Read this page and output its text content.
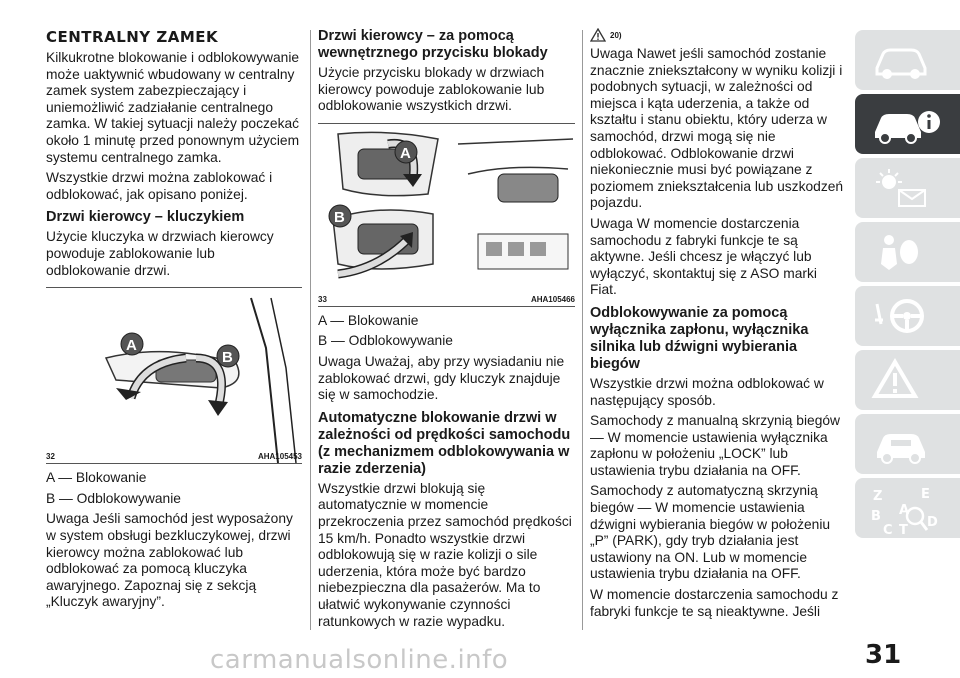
CENTRALNY ZAMEK

Kilkukrotne blokowanie i odblokowywanie może uaktywnić wbudowany w centralny zamek system zabezpieczający i uniemożliwić zadziałanie centralnego zamka. W takiej sytuacji należy poczekać około 1 minutę przed ponownym użyciem systemu centralnego zamka.

Wszystkie drzwi można zablokować i odblokować, jak opisano poniżej.

Drzwi kierowcy – kluczykiem

Użycie kluczyka w drzwiach kierowcy powoduje zablokowanie lub odblokowanie drzwi.

A
B
32	AHA105453

A — Blokowanie

B — Odblokowywanie

Uwaga Jeśli samochód jest wyposażony w system obsługi bezkluczykowej, drzwi kierowcy można zablokować lub odblokować za pomocą kluczyka awaryjnego. Zapoznaj się z sekcją „Kluczyk awaryjny”.

Drzwi kierowcy – za pomocą wewnętrznego przycisku blokady

Użycie przycisku blokady w drzwiach kierowcy powoduje zablokowanie lub odblokowanie wszystkich drzwi.

A
B
33	AHA105466

A — Blokowanie

B — Odblokowywanie

Uwaga Uważaj, aby przy wysiadaniu nie zablokować drzwi, gdy kluczyk znajduje się w samochodzie.

Automatyczne blokowanie drzwi w zależności od prędkości samochodu (z mechanizmem odblokowywania w razie zderzenia)

Wszystkie drzwi blokują się automatycznie w momencie przekroczenia przez samochód prędkości 15 km/h. Ponadto wszystkie drzwi odblokowują się w razie kolizji o sile uderzenia, która może być bardzo niebezpieczna dla pasażerów. Ma to ułatwić wykonywanie czynności ratunkowych w razie wypadku.

20)

Uwaga Nawet jeśli samochód zostanie znacznie zniekształcony w wyniku kolizji i podobnych sytuacji, w zależności od miejsca i kąta uderzenia, a także od kształtu i stanu obiektu, który uderza w samochód, drzwi mogą się nie odblokować. Odblokowanie drzwi niekoniecznie musi być powiązane z poziomem zniekształcenia lub uszkodzeń pojazdu.

Uwaga W momencie dostarczenia samochodu z fabryki funkcje te są aktywne. Jeśli chcesz je włączyć lub wyłączyć, skontaktuj się z ASO marki Fiat.

Odblokowywanie za pomocą wyłącznika zapłonu, wyłącznika silnika lub dźwigni wybierania biegów

Wszystkie drzwi można odblokować w następujący sposób.

Samochody z manualną skrzynią biegów — W momencie ustawienia wyłącznika zapłonu w położeniu „LOCK” lub ustawienia trybu działania na OFF.

Samochody z automatyczną skrzynią biegów — W momencie ustawienia dźwigni wybierania biegów w położeniu „P” (PARK), gdy tryb działania jest ustawiony na ON. Lub w momencie ustawienia trybu działania na OFF.

W momencie dostarczenia samochodu z fabryki funkcje te są nieaktywne. Jeśli

Z	E
A
B
C T
D
carmanualsonline.info	31
